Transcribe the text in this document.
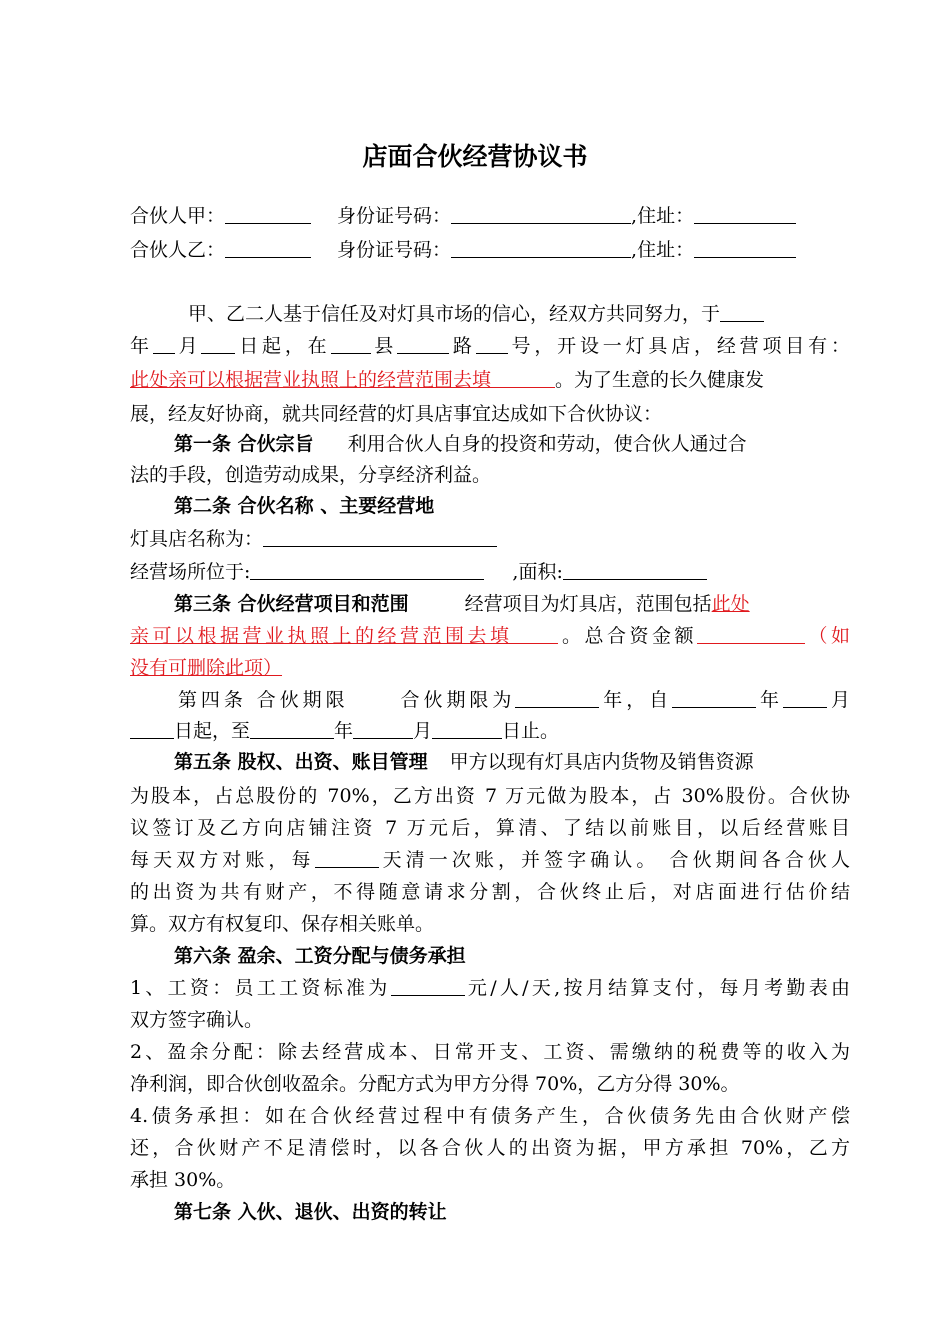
店面合伙经营协议书
合伙人甲：	身份证号码：	,住址：
合伙人乙：	身份证号码：	,住址：
甲、乙二人基于信任及对灯具市场的信心，经双方共同努力，于
年 月 日起，在 县	路 号，开设一灯具店，经营项目有：
此处亲可以根据营业执照上的经营范围去填	。为了生意的长久健康发
展，经友好协商，就共同经营的灯具店事宜达成如下合伙协议：
第一条 合伙宗旨 利用合伙人自身的投资和劳动，使合伙人通过合
法的手段，创造劳动成果，分享经济利益。
第二条 合伙名称 、主要经营地
灯具店名称为：
经营场所位于:	,面积:
第三条 合伙经营项目和范围	经营项目为灯具店，范围包括此处
亲可以根据营业执照上的经营范围去填 。总合资金额	（如
没有可删除此项）
第四条 合伙期限	合伙期限为	年，自	年 月
日起，至	年	月	日止。
第五条 股权、出资、账目管理 甲方以现有灯具店内货物及销售资源
为股本，占总股份的 70%，乙方出资 7 万元做为股本，占 30%股份。合伙协
议签订及乙方向店铺注资 7 万元后，算清、了结以前账目，以后经营账目
每天双方对账，每	天清一次账，并签字确认。 合伙期间各合伙人
的出资为共有财产，不得随意请求分割，合伙终止后，对店面进行估价结
算。双方有权复印、保存相关账单。
第六条 盈余、工资分配与债务承担
1、工资：员工工资标准为	元/人/天,按月结算支付，每月考勤表由
双方签字确认。
2、盈余分配：除去经营成本、日常开支、工资、需缴纳的税费等的收入为
净利润，即合伙创收盈余。分配方式为甲方分得 70%，乙方分得 30%。
4.债务承担：如在合伙经营过程中有债务产生，合伙债务先由合伙财产偿
还，合伙财产不足清偿时，以各合伙人的出资为据，甲方承担 70%，乙方
承担 30%。
第七条 入伙、退伙、出资的转让
